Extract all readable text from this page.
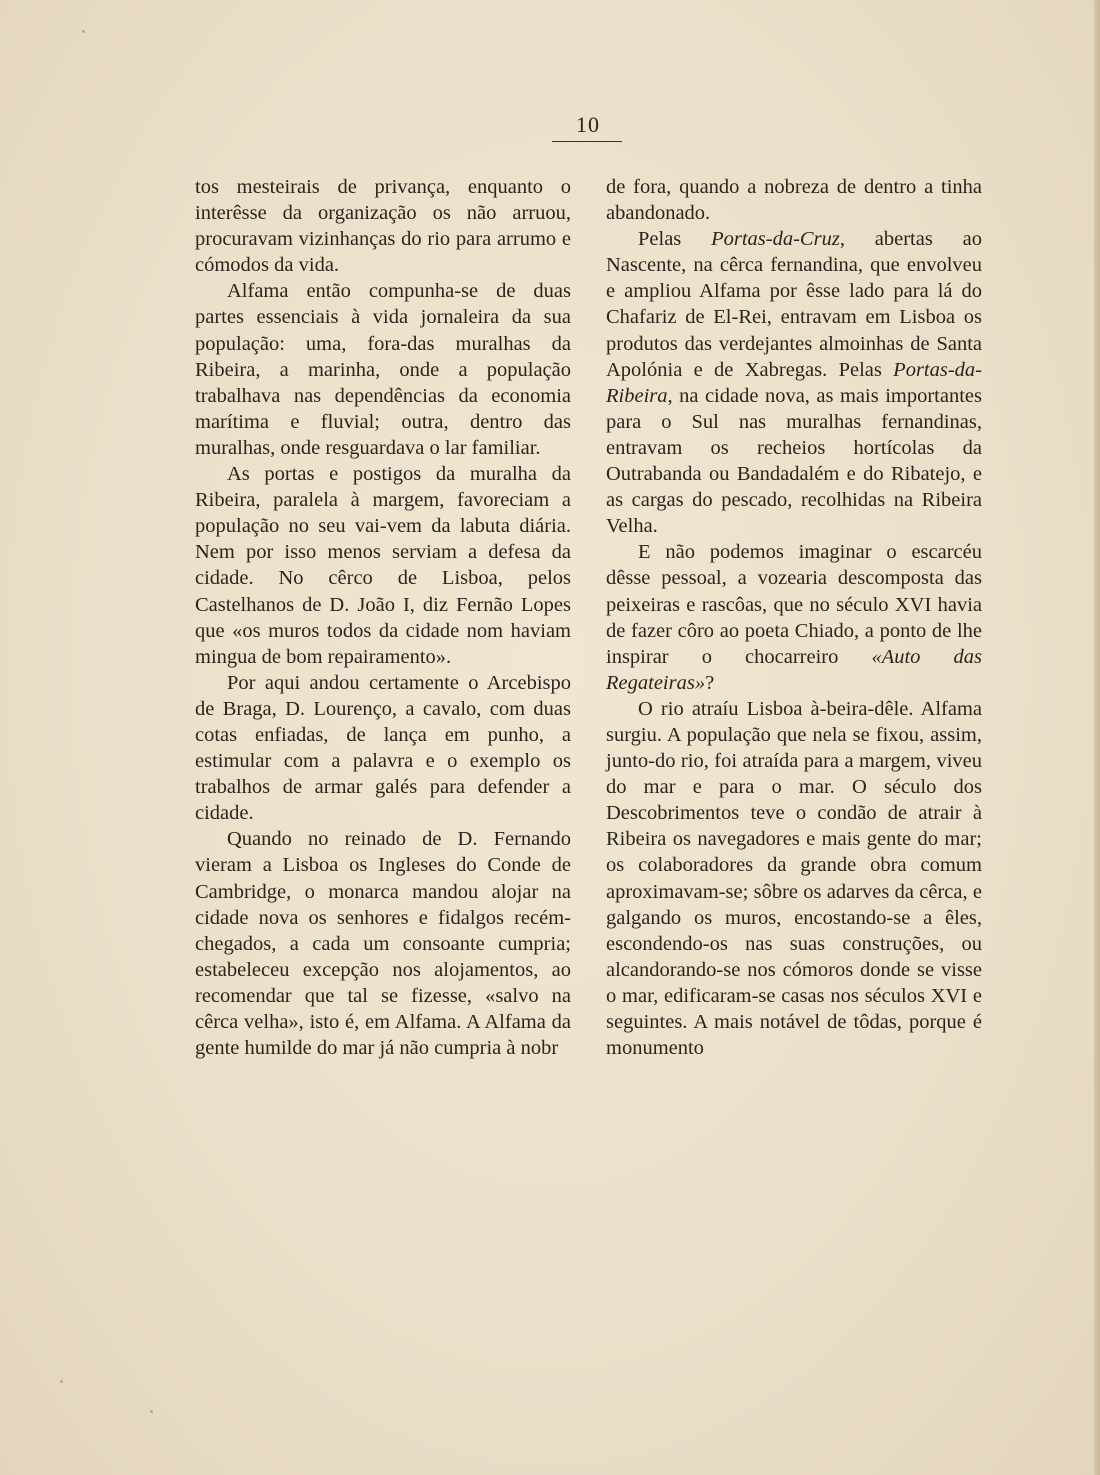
10

tos mesteirais de privança, enquanto o interêsse da organização os não arruou, procuravam vizinhanças do rio para arrumo e cómodos da vida.

Alfama então compunha-se de duas partes essenciais à vida jornaleira da sua população: uma, fora-das muralhas da Ribeira, a marinha, onde a população trabalhava nas dependências da economia marítima e fluvial; outra, dentro das muralhas, onde resguardava o lar familiar.

As portas e postigos da muralha da Ribeira, paralela à margem, favoreciam a população no seu vai-vem da labuta diária. Nem por isso menos serviam a defesa da cidade. No cêrco de Lisboa, pelos Castelhanos de D. João I, diz Fernão Lopes que «os muros todos da cidade nom haviam mingua de bom repairamento».

Por aqui andou certamente o Arcebispo de Braga, D. Lourenço, a cavalo, com duas cotas enfiadas, de lança em punho, a estimular com a palavra e o exemplo os trabalhos de armar galés para defender a cidade.

Quando no reinado de D. Fernando vieram a Lisboa os Ingleses do Conde de Cambridge, o monarca mandou alojar na cidade nova os senhores e fidalgos recém-chegados, a cada um consoante cumpria; estabeleceu excepção nos alojamentos, ao recomendar que tal se fizesse, «salvo na cêrca velha», isto é, em Alfama. A Alfama da gente humilde do mar já não cumpria à nobr

de fora, quando a nobreza de dentro a tinha abandonado.

Pelas Portas-da-Cruz, abertas ao Nascente, na cêrca fernandina, que envolveu e ampliou Alfama por êsse lado para lá do Chafariz de El-Rei, entravam em Lisboa os produtos das verdejantes almoinhas de Santa Apolónia e de Xabregas. Pelas Portas-da-Ribeira, na cidade nova, as mais importantes para o Sul nas muralhas fernandinas, entravam os recheios hortícolas da Outrabanda ou Bandadalém e do Ribatejo, e as cargas do pescado, recolhidas na Ribeira Velha.

E não podemos imaginar o escarcéu dêsse pessoal, a vozearia descomposta das peixeiras e rascôas, que no século XVI havia de fazer côro ao poeta Chiado, a ponto de lhe inspirar o chocarreiro «Auto das Regateiras»?

O rio atraíu Lisboa à-beira-dêle. Alfama surgiu. A população que nela se fixou, assim, junto-do rio, foi atraída para a margem, viveu do mar e para o mar. O século dos Descobrimentos teve o condão de atrair à Ribeira os navegadores e mais gente do mar; os colaboradores da grande obra comum aproximavam-se; sôbre os adarves da cêrca, e galgando os muros, encostando-se a êles, escondendo-os nas suas construções, ou alcandorando-se nos cómoros donde se visse o mar, edificaram-se casas nos séculos XVI e seguintes. A mais notável de tôdas, porque é monumento
